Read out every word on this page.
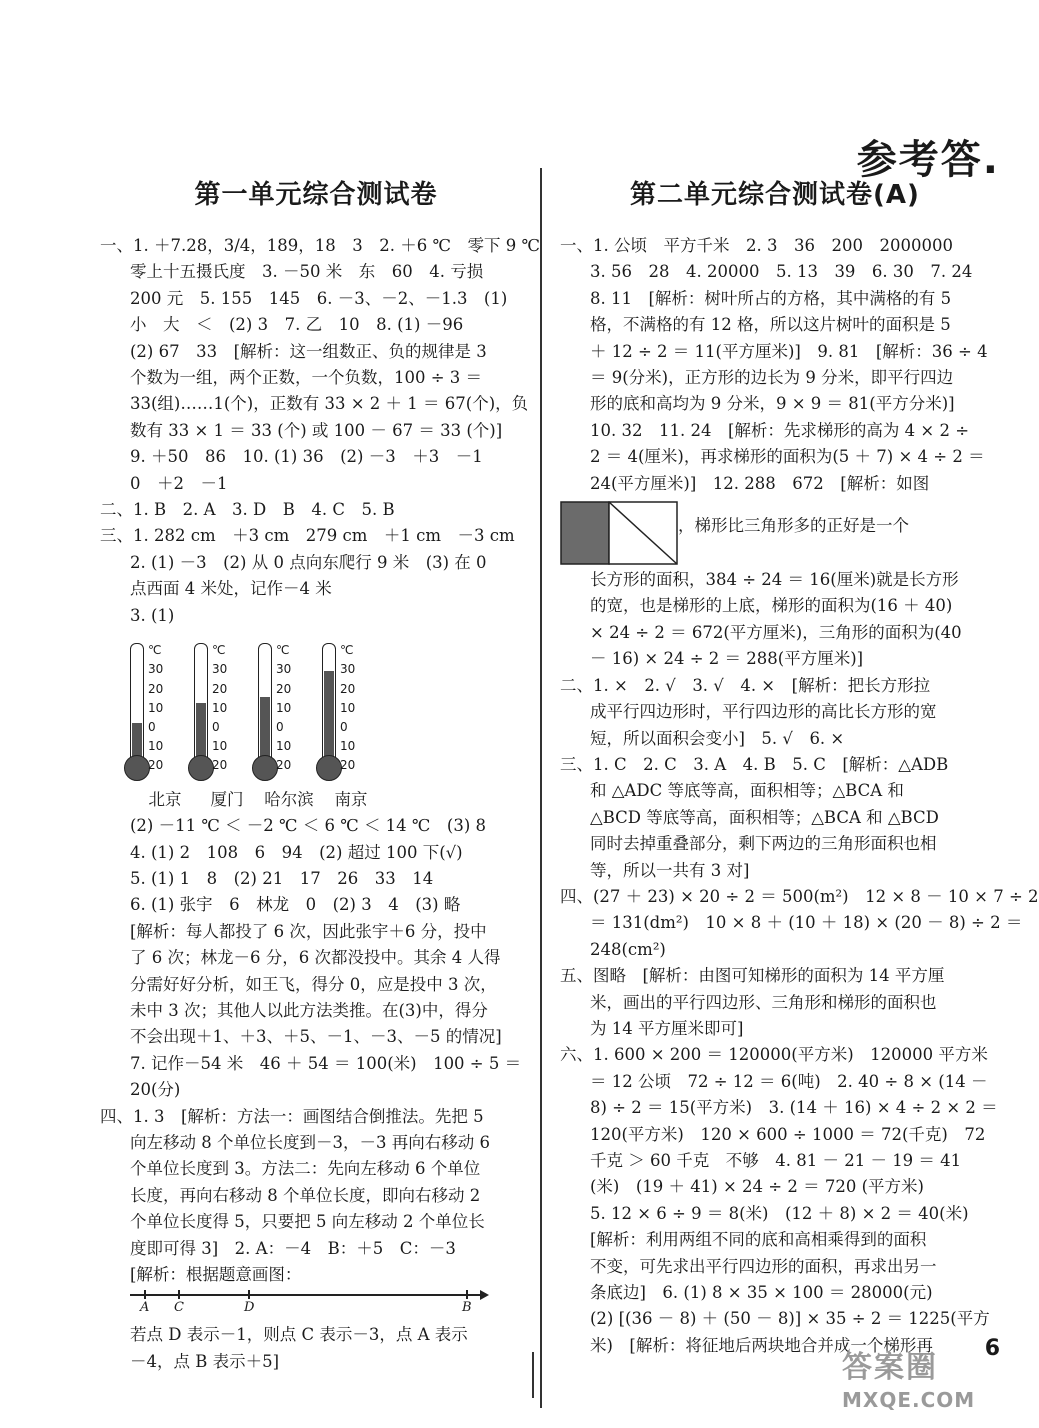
参考答.
第一单元综合测试卷
一、1. ＋7.28，3/4，189，18　3　2. ＋6 ℃　零下 9 ℃
零上十五摄氏度　3. －50 米　东　60　4. 亏损
200 元　5. 155　145　6. －3、－2、－1.3　(1)
小　大　＜　(2) 3　7. 乙　10　8. (1) －96
(2) 67　33　[解析：这一组数正、负的规律是 3
个数为一组，两个正数，一个负数，100 ÷ 3 ＝
33(组)……1(个)，正数有 33 × 2 ＋ 1 ＝ 67(个)，负
数有 33 × 1 ＝ 33 (个) 或 100 － 67 ＝ 33 (个)]
9. ＋50　86　10. (1) 36　(2) －3　＋3　－1
0　＋2　－1
二、1. B　2. A　3. D　B　4. C　5. B
三、1. 282 cm　＋3 cm　279 cm　＋1 cm　－3 cm
2. (1) －3　(2) 从 0 点向东爬行 9 米　(3) 在 0
点西面 4 米处，记作－4 米
3. (1)
℃
30
20
10
0
10
20
℃
30
20
10
0
10
20
℃
30
20
10
0
10
20
℃
30
20
10
0
10
20
北京 厦门 哈尔滨 南京
(2) －11 ℃ ＜ －2 ℃ ＜ 6 ℃ ＜ 14 ℃　(3) 8
4. (1) 2　108　6　94　(2) 超过 100 下(√)
5. (1) 1　8　(2) 21　17　26　33　14
6. (1) 张宇　6　林龙　0　(2) 3　4　(3) 略
[解析：每人都投了 6 次，因此张宇＋6 分，投中
了 6 次；林龙－6 分，6 次都没投中。其余 4 人得
分需好好分析，如王飞，得分 0，应是投中 3 次，
未中 3 次；其他人以此方法类推。在(3)中，得分
不会出现＋1、＋3、＋5、－1、－3、－5 的情况]
7. 记作－54 米　46 ＋ 54 ＝ 100(米)　100 ÷ 5 ＝
20(分)
四、1. 3　[解析：方法一：画图结合倒推法。先把 5
向左移动 8 个单位长度到－3，－3 再向右移动 6
个单位长度到 3。方法二：先向左移动 6 个单位
长度，再向右移动 8 个单位长度，即向右移动 2
个单位长度得 5，只要把 5 向左移动 2 个单位长
度即可得 3]　2. A：－4　B：＋5　C：－3
[解析：根据题意画图：
A C	D	B
若点 D 表示－1，则点 C 表示－3，点 A 表示
－4，点 B 表示＋5]
第二单元综合测试卷(A)
一、1. 公顷　平方千米　2. 3　36　200　2000000
3. 56　28　4. 20000　5. 13　39　6. 30　7. 24
8. 11　[解析：树叶所占的方格，其中满格的有 5
格，不满格的有 12 格，所以这片树叶的面积是 5
＋ 12 ÷ 2 ＝ 11(平方厘米)]　9. 81　[解析：36 ÷ 4
＝ 9(分米)，正方形的边长为 9 分米，即平行四边
形的底和高均为 9 分米，9 × 9 ＝ 81(平方分米)]
10. 32　11. 24　[解析：先求梯形的高为 4 × 2 ÷
2 ＝ 4(厘米)，再求梯形的面积为(5 ＋ 7) × 4 ÷ 2 ＝
24(平方厘米)]　12. 288　672　[解析：如图
，梯形比三角形多的正好是一个
长方形的面积，384 ÷ 24 ＝ 16(厘米)就是长方形
的宽，也是梯形的上底，梯形的面积为(16 ＋ 40)
× 24 ÷ 2 ＝ 672(平方厘米)，三角形的面积为(40
－ 16) × 24 ÷ 2 ＝ 288(平方厘米)]
二、1. ×　2. √　3. √　4. ×　[解析：把长方形拉
成平行四边形时，平行四边形的高比长方形的宽
短，所以面积会变小]　5. √　6. ×
三、1. C　2. C　3. A　4. B　5. C　[解析：△ADB
和 △ADC 等底等高，面积相等；△BCA 和
△BCD 等底等高，面积相等；△BCA 和 △BCD
同时去掉重叠部分，剩下两边的三角形面积也相
等，所以一共有 3 对]
四、(27 ＋ 23) × 20 ÷ 2 ＝ 500(m²)　12 × 8 － 10 × 7 ÷ 2
＝ 131(dm²)　10 × 8 ＋ (10 ＋ 18) × (20 － 8) ÷ 2 ＝
248(cm²)
五、图略　[解析：由图可知梯形的面积为 14 平方厘
米，画出的平行四边形、三角形和梯形的面积也
为 14 平方厘米即可]
六、1. 600 × 200 ＝ 120000(平方米)　120000 平方米
＝ 12 公顷　72 ÷ 12 ＝ 6(吨)　2. 40 ÷ 8 × (14 －
8) ÷ 2 ＝ 15(平方米)　3. (14 ＋ 16) × 4 ÷ 2 × 2 ＝
120(平方米)　120 × 600 ÷ 1000 ＝ 72(千克)　72
千克 ＞ 60 千克　不够　4. 81 － 21 － 19 ＝ 41
(米)　(19 ＋ 41) × 24 ÷ 2 ＝ 720 (平方米)
5. 12 × 6 ÷ 9 ＝ 8(米)　(12 ＋ 8) × 2 ＝ 40(米)
[解析：利用两组不同的底和高相乘得到的面积
不变，可先求出平行四边形的面积，再求出另一
条底边]　6. (1) 8 × 35 × 100 ＝ 28000(元)
(2) [(36 － 8) ＋ (50 － 8)] × 35 ÷ 2 ＝ 1225(平方
米)　[解析：将征地后两块地合并成一个梯形再	6
答案圈
MXQE.COM
